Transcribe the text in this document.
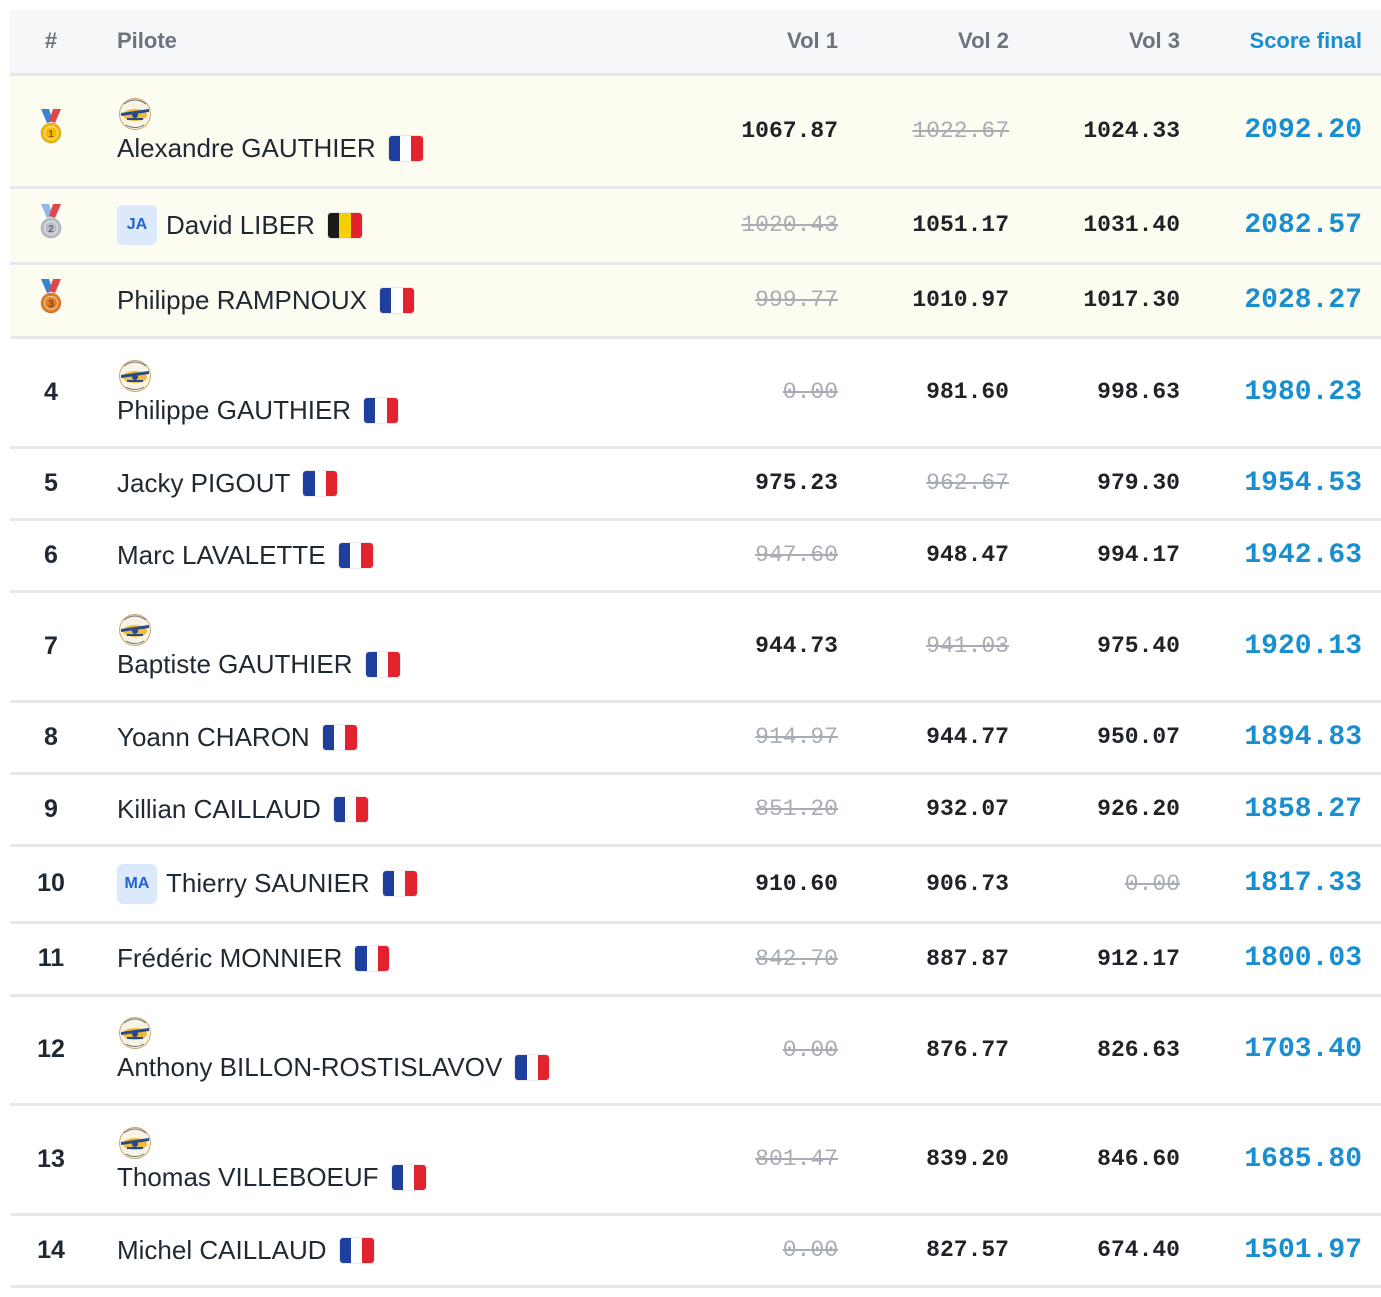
#	Pilote	Vol 1	Vol 2	Vol 3	Score final

1	Alexandre GAUTHIER	1067.87	1022.67	1024.33	2092.20

2	JA David LIBER	1020.43	1051.17	1031.40	2082.57

3	Philippe RAMPNOUX	999.77	1010.97	1017.30	2028.27
4	Philippe GAUTHIER	0.00	981.60	998.63	1980.23
5	Jacky PIGOUT	975.23	962.67	979.30	1954.53
6	Marc LAVALETTE	947.60	948.47	994.17	1942.63
7	Baptiste GAUTHIER	944.73	941.03	975.40	1920.13
8	Yoann CHARON	914.97	944.77	950.07	1894.83
9	Killian CAILLAUD	851.20	932.07	926.20	1858.27
10	MA Thierry SAUNIER	910.60	906.73	0.00	1817.33
11	Frédéric MONNIER	842.70	887.87	912.17	1800.03
12	Anthony BILLON-ROSTISLAVOV	0.00	876.77	826.63	1703.40
13	Thomas VILLEBOEUF	801.47	839.20	846.60	1685.80
14	Michel CAILLAUD	0.00	827.57	674.40	1501.97
